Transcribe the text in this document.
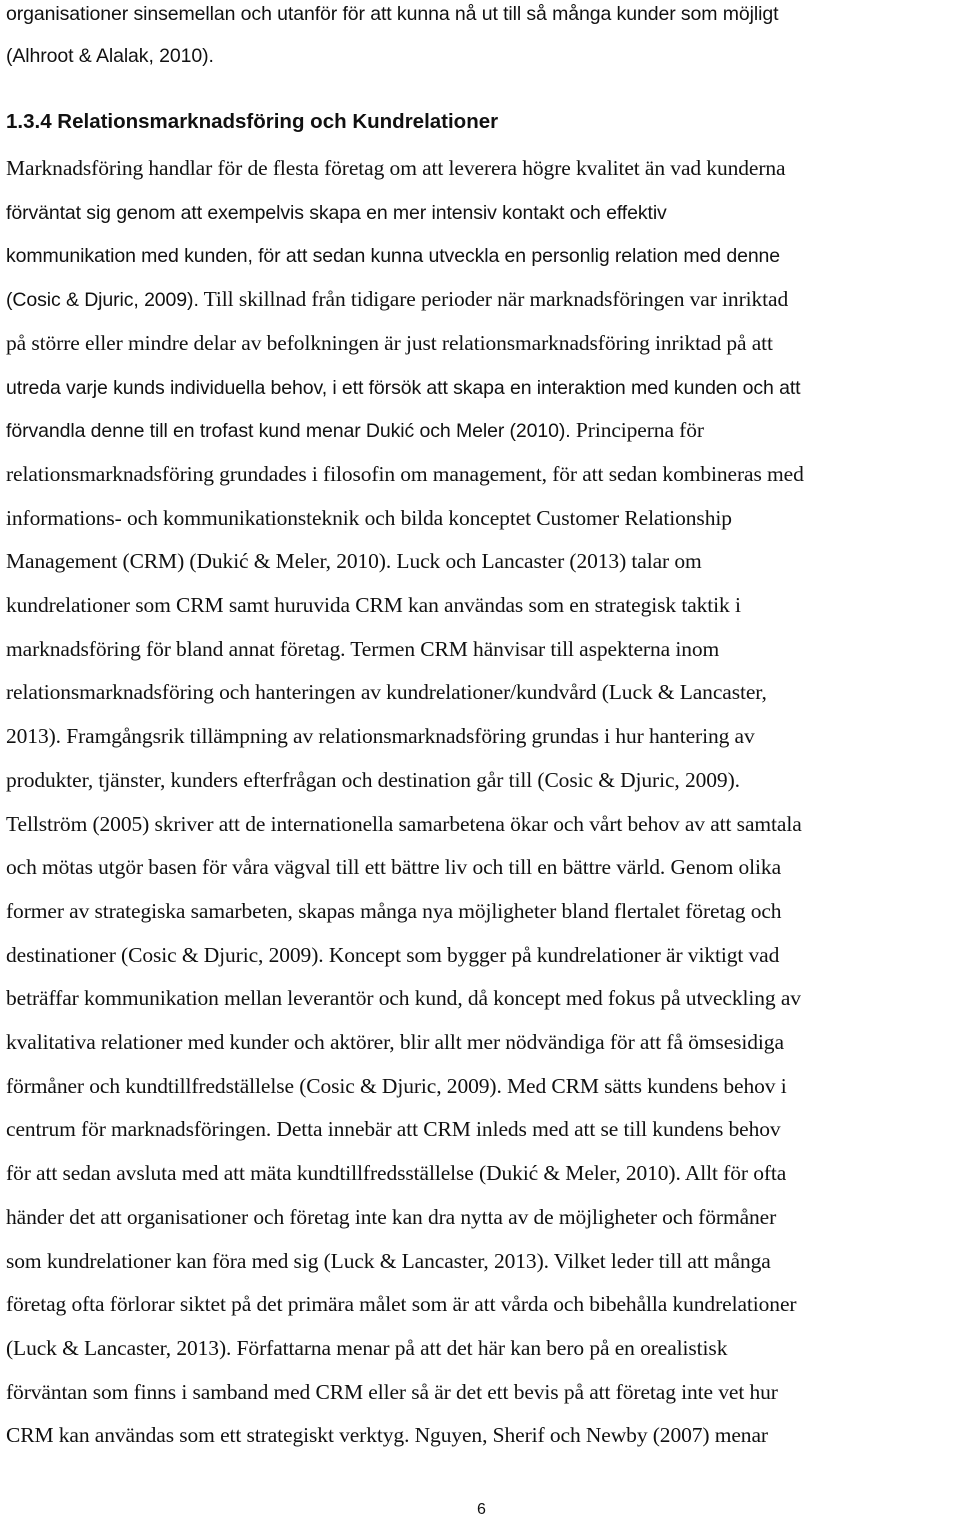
organisationer sinsemellan och utanför för att kunna nå ut till så många kunder som möjligt
(Alhroot & Alalak, 2010).
1.3.4 Relationsmarknadsföring och Kundrelationer
Marknadsföring handlar för de flesta företag om att leverera högre kvalitet än vad kunderna
förväntat sig genom att exempelvis skapa en mer intensiv kontakt och effektiv
kommunikation med kunden, för att sedan kunna utveckla en personlig relation med denne
(Cosic & Djuric, 2009). Till skillnad från tidigare perioder när marknadsföringen var inriktad
på större eller mindre delar av befolkningen är just relationsmarknadsföring inriktad på att
utreda varje kunds individuella behov, i ett försök att skapa en interaktion med kunden och att
förvandla denne till en trofast kund menar Dukić och Meler (2010). Principerna för
relationsmarknadsföring grundades i filosofin om management, för att sedan kombineras med
informations- och kommunikationsteknik och bilda konceptet Customer Relationship
Management (CRM) (Dukić & Meler, 2010). Luck och Lancaster (2013) talar om
kundrelationer som CRM samt huruvida CRM kan användas som en strategisk taktik i
marknadsföring för bland annat företag. Termen CRM hänvisar till aspekterna inom
relationsmarknadsföring och hanteringen av kundrelationer/kundvård (Luck & Lancaster,
2013). Framgångsrik tillämpning av relationsmarknadsföring grundas i hur hantering av
produkter, tjänster, kunders efterfrågan och destination går till (Cosic & Djuric, 2009).
Tellström (2005) skriver att de internationella samarbetena ökar och vårt behov av att samtala
och mötas utgör basen för våra vägval till ett bättre liv och till en bättre värld. Genom olika
former av strategiska samarbeten, skapas många nya möjligheter bland flertalet företag och
destinationer (Cosic & Djuric, 2009). Koncept som bygger på kundrelationer är viktigt vad
beträffar kommunikation mellan leverantör och kund, då koncept med fokus på utveckling av
kvalitativa relationer med kunder och aktörer, blir allt mer nödvändiga för att få ömsesidiga
förmåner och kundtillfredställelse (Cosic & Djuric, 2009). Med CRM sätts kundens behov i
centrum för marknadsföringen. Detta innebär att CRM inleds med att se till kundens behov
för att sedan avsluta med att mäta kundtillfredsställelse (Dukić & Meler, 2010). Allt för ofta
händer det att organisationer och företag inte kan dra nytta av de möjligheter och förmåner
som kundrelationer kan föra med sig (Luck & Lancaster, 2013). Vilket leder till att många
företag ofta förlorar siktet på det primära målet som är att vårda och bibehålla kundrelationer
(Luck & Lancaster, 2013). Författarna menar på att det här kan bero på en orealistisk
förväntan som finns i samband med CRM eller så är det ett bevis på att företag inte vet hur
CRM kan användas som ett strategiskt verktyg. Nguyen, Sherif och Newby (2007) menar
6
